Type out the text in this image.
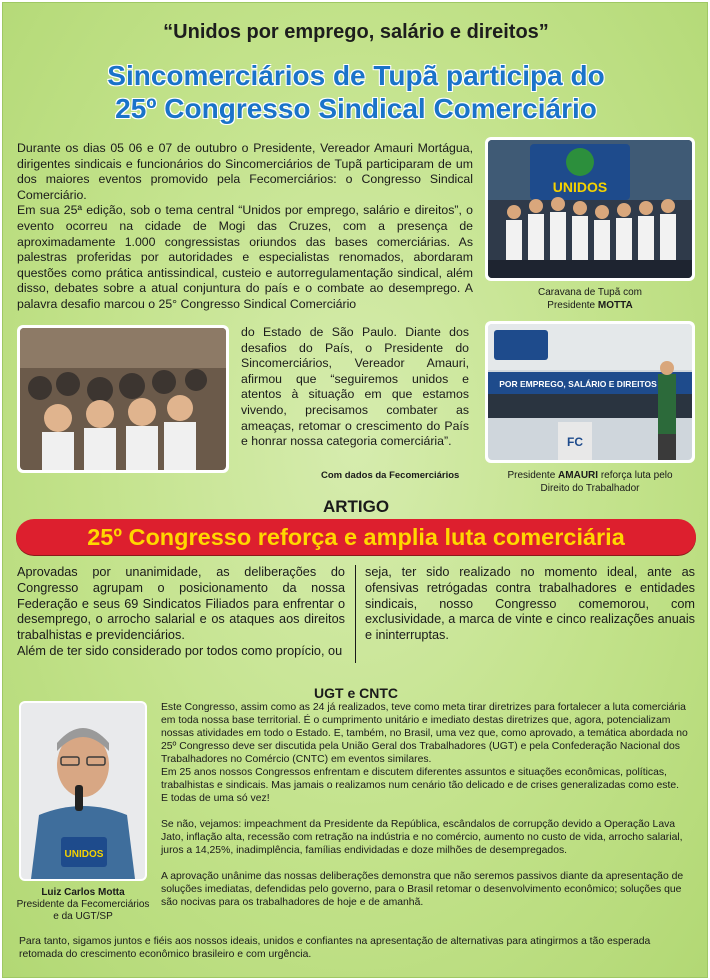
“Unidos por emprego, salário e direitos”
Sincomerciários de Tupã participa do
25º Congresso Sindical Comerciário
Durante os dias 05 06 e 07 de outubro o Presidente, Vereador Amauri Mortágua, dirigentes sindicais e funcionários do Sincomerciários de Tupã participaram de um dos maiores eventos promovido pela Fecomerciários: o Congresso Sindical Comerciário.
Em sua 25ª edição, sob o tema central “Unidos por emprego, salário e direitos”, o evento ocorreu na cidade de Mogi das Cruzes, com a presença de aproximadamente 1.000 congressistas oriundos das bases comerciárias. As palestras proferidas por autoridades e especialistas renomados, abordaram questões como prática antissindical, custeio e autorregulamentação sindical, além disso, debates sobre a atual conjuntura do país e o combate ao desemprego. A palavra desafio marcou o 25° Congresso Sindical Comerciário
UNIDOS
Caravana de Tupã com
Presidente MOTTA
do Estado de São Paulo. Diante dos desafios do País, o Presidente do Sincomerciários, Vereador Amauri, afirmou que “seguiremos unidos e atentos à situação em que estamos vivendo, precisamos combater as ameaças, retomar o crescimento do País e honrar nossa categoria comerciária”.
Com dados da Fecomerciários
POR EMPREGO, SALÁRIO E DIREITOS
FC
Presidente AMAURI reforça luta pelo
Direito do Trabalhador
ARTIGO
25º Congresso reforça e amplia luta comerciária
Aprovadas por unanimidade, as deliberações do Congresso agrupam o posicionamento da nossa Federação e seus 69 Sindicatos Filiados para enfrentar o desemprego, o arrocho salarial e os ataques aos direitos trabalhistas e previdenciários.
Além de ter sido considerado por todos como propício, ou
seja, ter sido realizado no momento ideal, ante as ofensivas retrógadas contra trabalhadores e entidades sindicais, nosso Congresso comemorou, com exclusividade, a marca de vinte e cinco realizações anuais e ininterruptas.
UGT e CNTC
UNIDOS
Luiz Carlos Motta
Presidente da Fecomerciários
e da UGT/SP
Este Congresso, assim como as 24 já realizados, teve como meta tirar diretrizes para fortalecer a luta comerciária em toda nossa base territorial. É o cumprimento unitário e imediato destas diretrizes que, agora, potencializam nossas atividades em todo o Estado. E, também, no Brasil, uma vez que, como aprovado, a temática abordada no 25º Congresso deve ser discutida pela União Geral dos Trabalhadores (UGT) e pela Confederação Nacional dos Trabalhadores no Comércio (CNTC) em eventos similares.
Em 25 anos nossos Congressos enfrentam e discutem diferentes assuntos e situações econômicas, políticas, trabalhistas e sindicais. Mas jamais o realizamos num cenário tão delicado e de crises generalizadas como este.
E todas de uma só vez!
Se não, vejamos: impeachment da Presidente da República, escândalos de corrupção devido a Operação Lava Jato, inflação alta, recessão com retração na indústria e no comércio, aumento no custo de vida, arrocho salarial, juros a 14,25%, inadimplência, famílias endividadas e doze milhões de desempregados.
A aprovação unânime das nossas deliberações demonstra que não seremos passivos diante da apresentação de soluções imediatas, defendidas pelo governo, para o Brasil retomar o desenvolvimento econômico; soluções que são nocivas para os trabalhadores de hoje e de amanhã.
Para tanto, sigamos juntos e fiéis aos nossos ideais, unidos e confiantes na apresentação de alternativas para atingirmos a tão esperada retomada do crescimento econômico brasileiro e com urgência.
